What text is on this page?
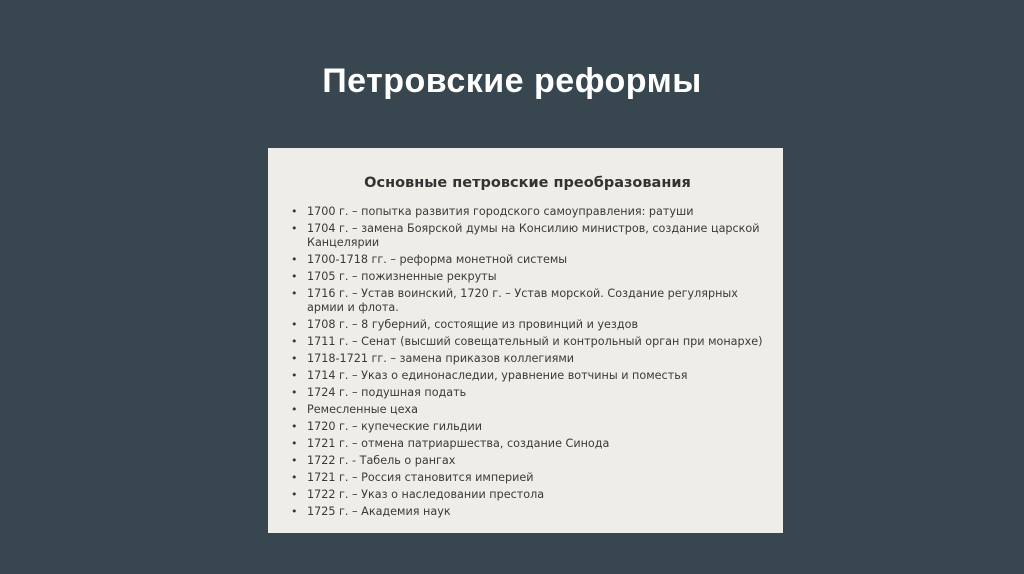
Петровские реформы
Основные петровские преобразования
• 1700 г. – попытка развития городского самоуправления: ратуши
• 1704 г. – замена Боярской думы на Консилию министров, создание царской Канцелярии
• 1700-1718 гг. – реформа монетной системы
• 1705 г. – пожизненные рекруты
• 1716 г. – Устав воинский, 1720 г. – Устав морской. Создание регулярных армии и флота.
• 1708 г. – 8 губерний, состоящие из провинций и уездов
• 1711 г. – Сенат (высший совещательный и контрольный орган при монархе)
• 1718-1721 гг. – замена приказов коллегиями
• 1714 г. – Указ о единонаследии, уравнение вотчины и поместья
• 1724 г. – подушная подать
• Ремесленные цеха
• 1720 г. – купеческие гильдии
• 1721 г. – отмена патриаршества, создание Синода
• 1722 г. - Табель о рангах
• 1721 г. – Россия становится империей
• 1722 г. – Указ о наследовании престола
• 1725 г. – Академия наук
